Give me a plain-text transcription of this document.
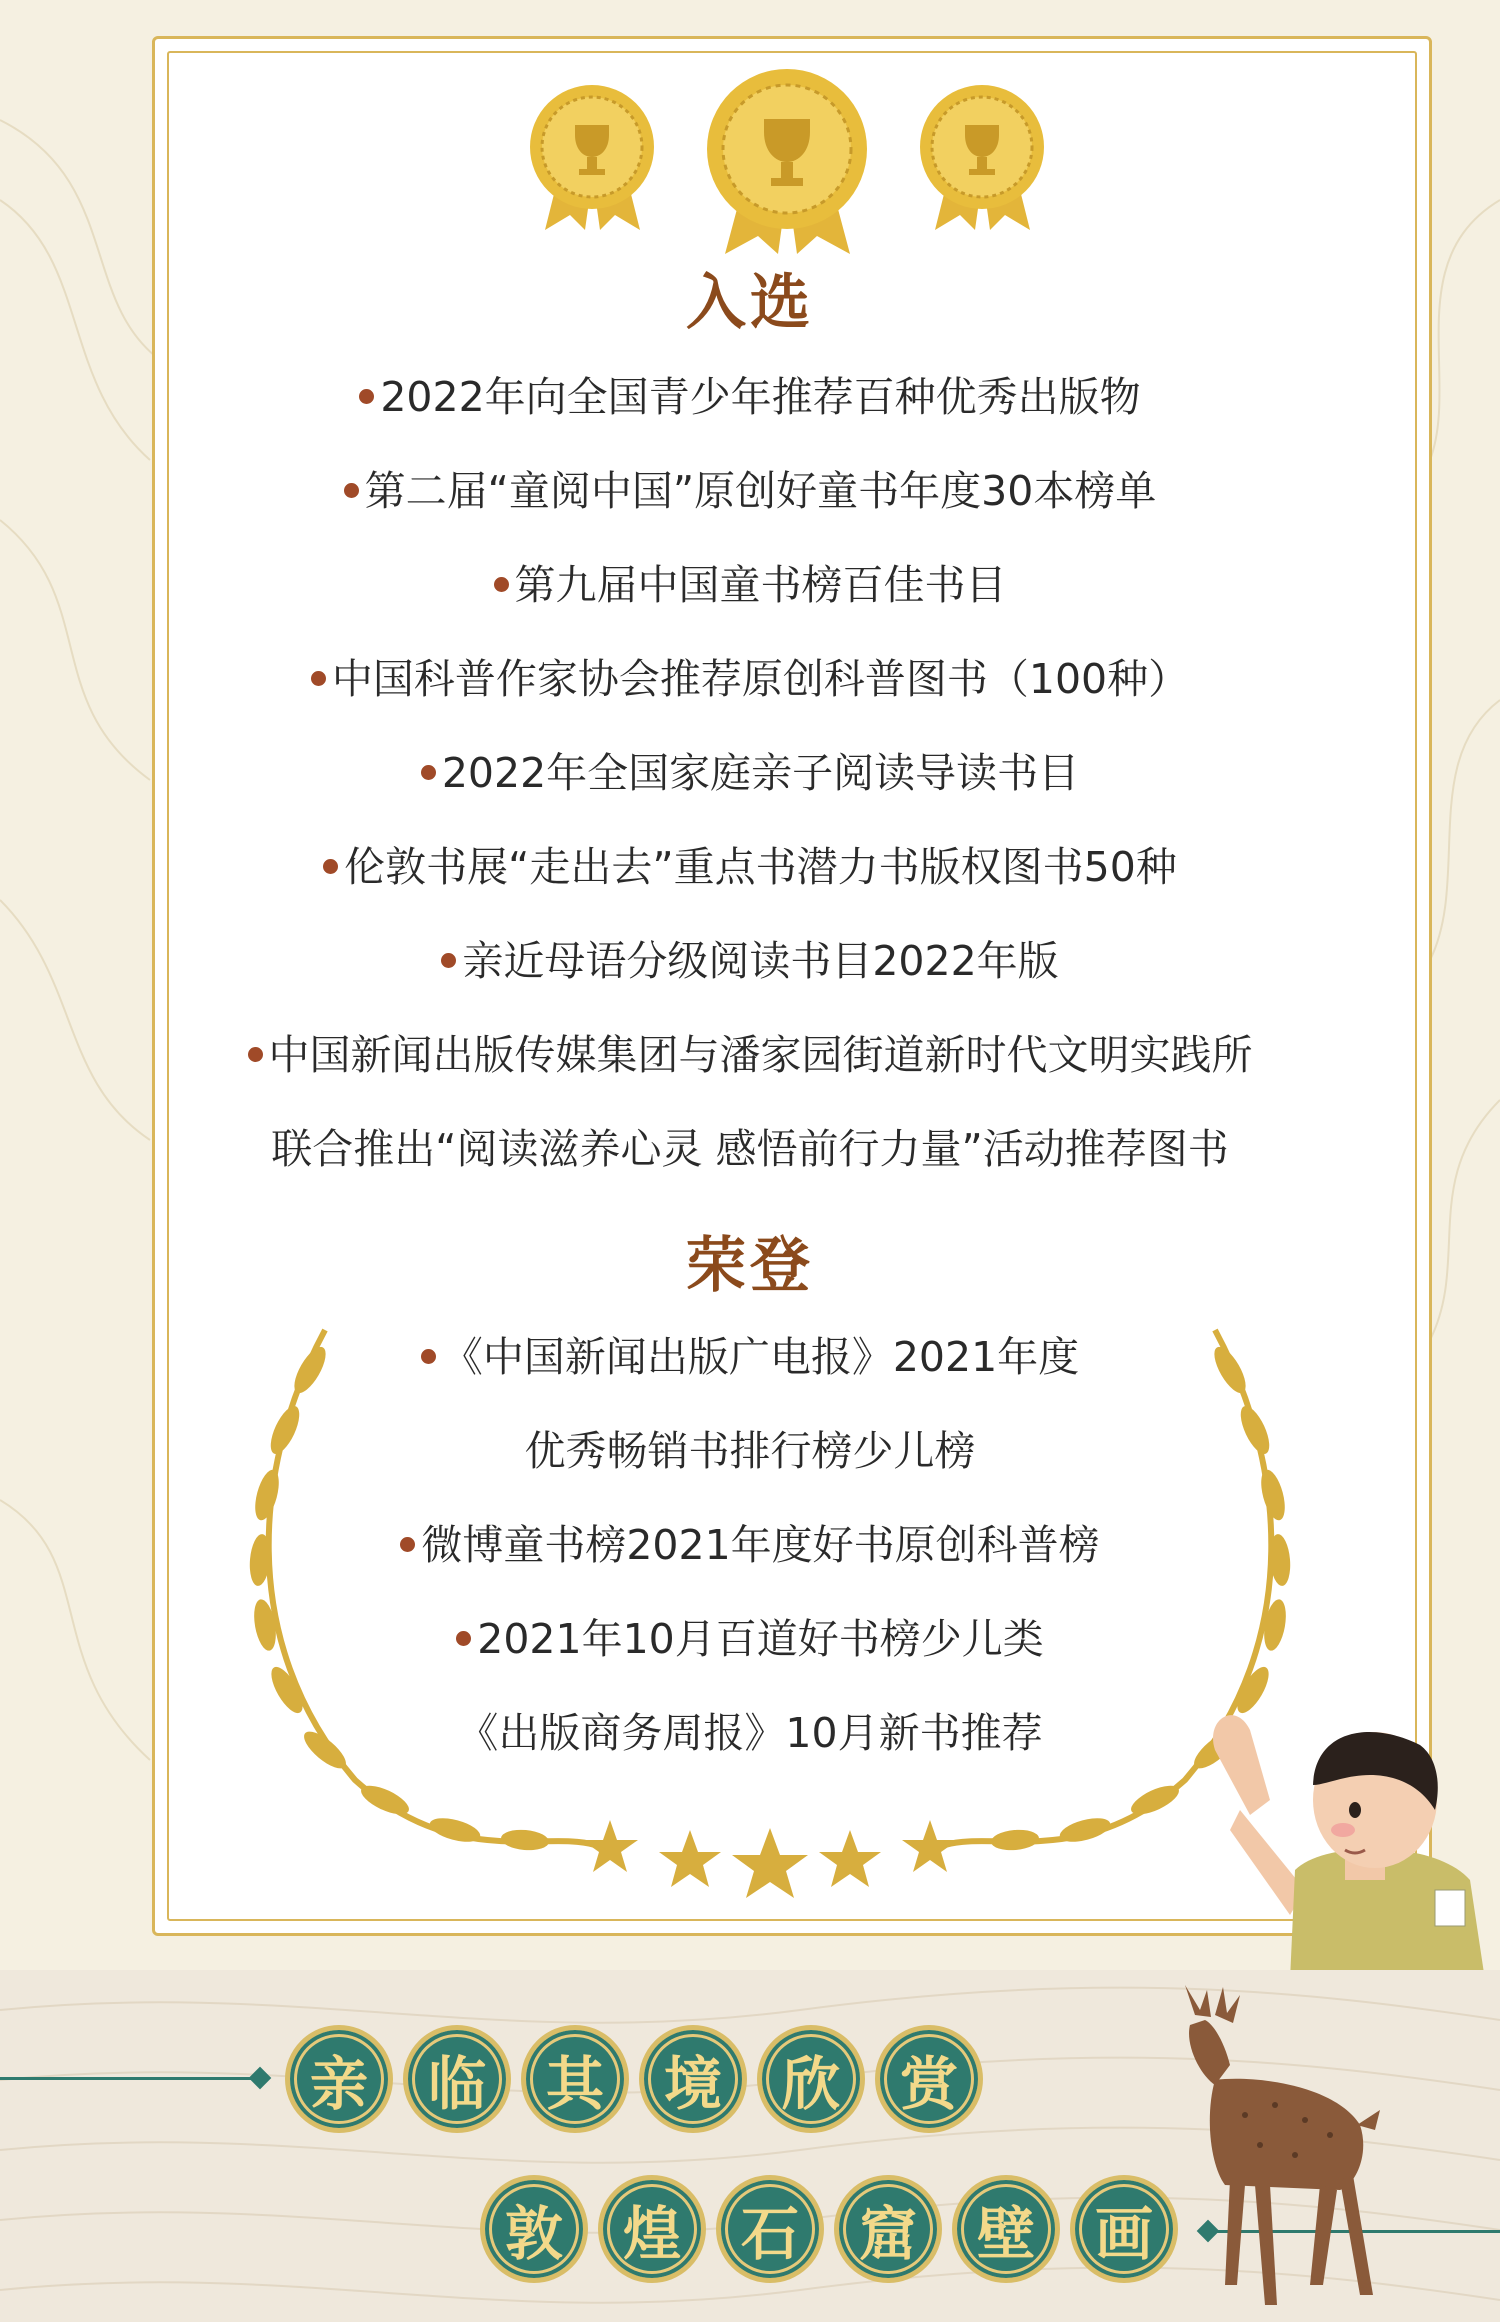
入选
2022年向全国青少年推荐百种优秀出版物
第二届“童阅中国”原创好童书年度30本榜单
第九届中国童书榜百佳书目
中国科普作家协会推荐原创科普图书（100种）
2022年全国家庭亲子阅读导读书目
伦敦书展“走出去”重点书潜力书版权图书50种
亲近母语分级阅读书目2022年版
中国新闻出版传媒集团与潘家园街道新时代文明实践所
联合推出“阅读滋养心灵 感悟前行力量”活动推荐图书
荣登
《中国新闻出版广电报》2021年度
优秀畅销书排行榜少儿榜
微博童书榜2021年度好书原创科普榜
2021年10月百道好书榜少儿类
《出版商务周报》10月新书推荐
亲	临	其	境	欣	赏
敦	煌	石	窟	壁	画
